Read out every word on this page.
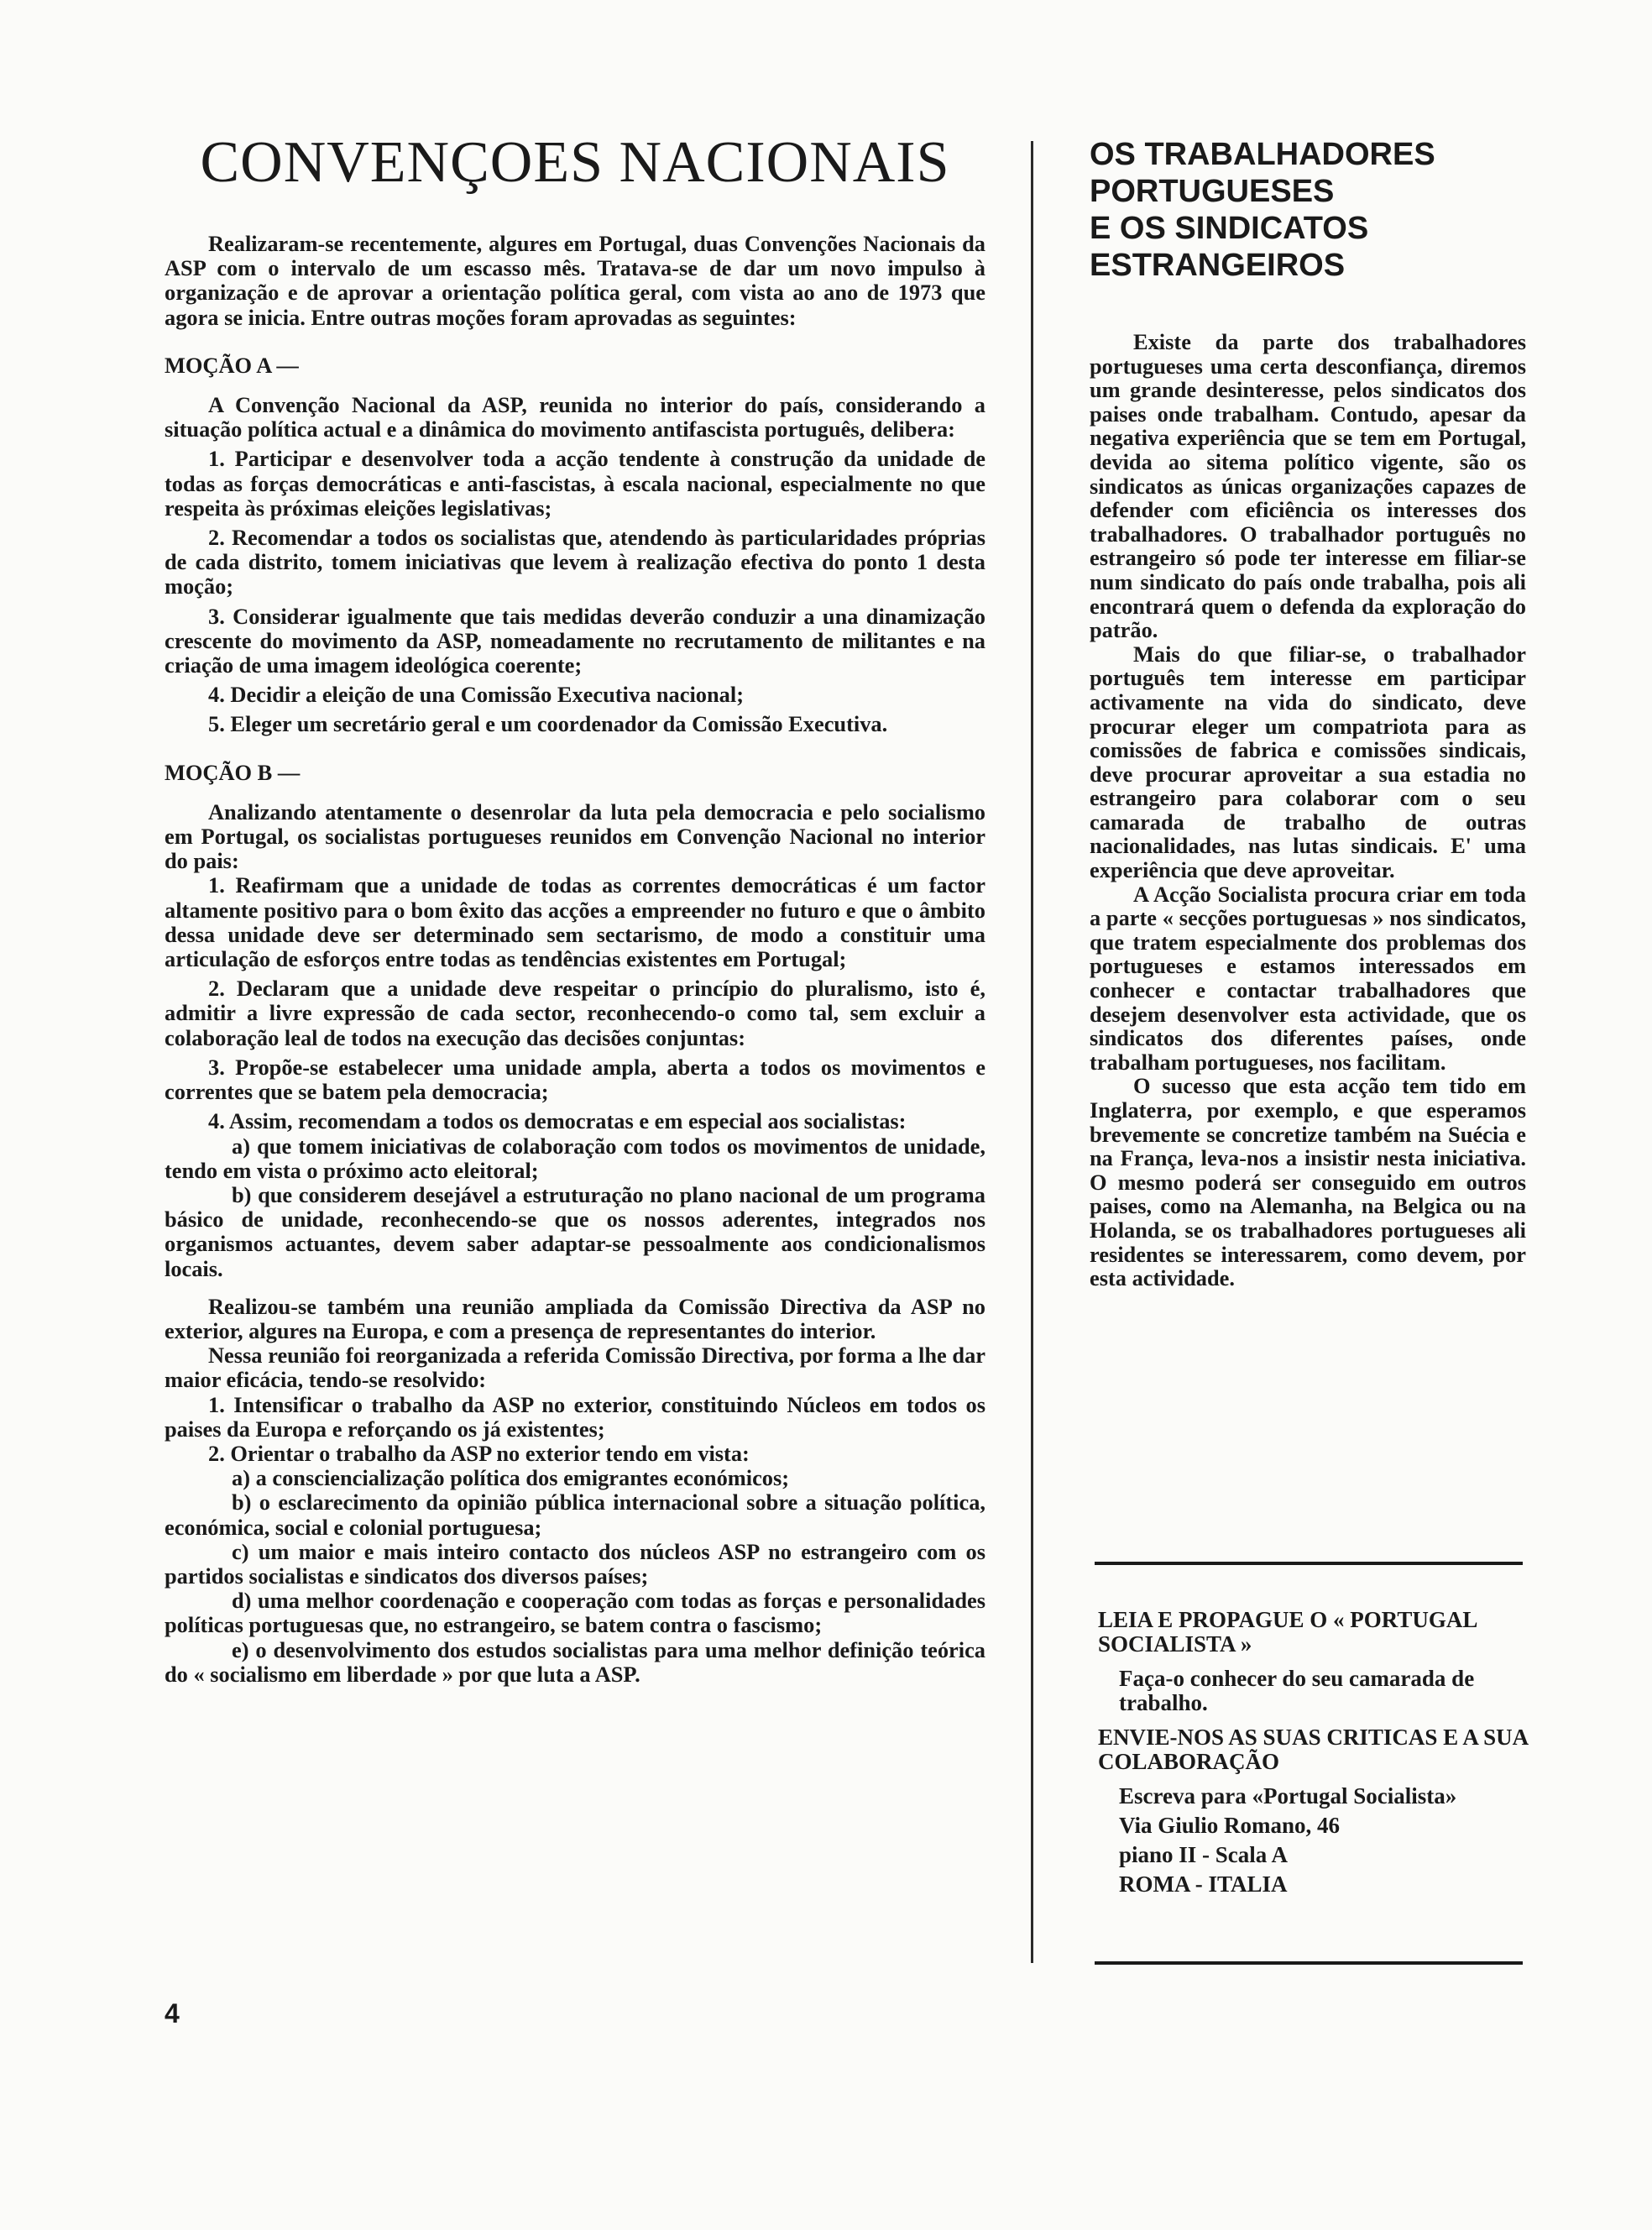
CONVENÇOES NACIONAIS

Realizaram-se recentemente, algures em Portugal, duas Convenções Nacionais da ASP com o intervalo de um escasso mês. Tratava-se de dar um novo impulso à organização e de aprovar a orientação política geral, com vista ao ano de 1973 que agora se inicia. Entre outras moções foram aprovadas as seguintes:

MOÇÃO A —

A Convenção Nacional da ASP, reunida no interior do país, considerando a situação política actual e a dinâmica do movimento antifascista português, delibera:

1. Participar e desenvolver toda a acção tendente à construção da unidade de todas as forças democráticas e anti-fascistas, à escala nacional, especialmente no que respeita às próximas eleições legislativas;

2. Recomendar a todos os socialistas que, atendendo às particularidades próprias de cada distrito, tomem iniciativas que levem à realização efectiva do ponto 1 desta moção;

3. Considerar igualmente que tais medidas deverão conduzir a una dinamização crescente do movimento da ASP, nomeadamente no recrutamento de militantes e na criação de uma imagem ideológica coerente;

4. Decidir a eleição de una Comissão Executiva nacional;

5. Eleger um secretário geral e um coordenador da Comissão Executiva.

MOÇÃO B —

Analizando atentamente o desenrolar da luta pela democracia e pelo socialismo em Portugal, os socialistas portugueses reunidos em Convenção Nacional no interior do pais:

1. Reafirmam que a unidade de todas as correntes democráticas é um factor altamente positivo para o bom êxito das acções a empreender no futuro e que o âmbito dessa unidade deve ser determinado sem sectarismo, de modo a constituir uma articulação de esforços entre todas as tendências existentes em Portugal;

2. Declaram que a unidade deve respeitar o princípio do pluralismo, isto é, admitir a livre expressão de cada sector, reconhecendo-o como tal, sem excluir a colaboração leal de todos na execução das decisões conjuntas:

3. Propõe-se estabelecer uma unidade ampla, aberta a todos os movimentos e correntes que se batem pela democracia;

4. Assim, recomendam a todos os democratas e em especial aos socialistas:

a) que tomem iniciativas de colaboração com todos os movimentos de unidade, tendo em vista o próximo acto eleitoral;

b) que considerem desejável a estruturação no plano nacional de um programa básico de unidade, reconhecendo-se que os nossos aderentes, integrados nos organismos actuantes, devem saber adaptar-se pessoalmente aos condicionalismos locais.

Realizou-se também una reunião ampliada da Comissão Directiva da ASP no exterior, algures na Europa, e com a presença de representantes do interior.

Nessa reunião foi reorganizada a referida Comissão Directiva, por forma a lhe dar maior eficácia, tendo-se resolvido:

1. Intensificar o trabalho da ASP no exterior, constituindo Núcleos em todos os paises da Europa e reforçando os já existentes;

2. Orientar o trabalho da ASP no exterior tendo em vista:

a) a consciencialização política dos emigrantes económicos;

b) o esclarecimento da opinião pública internacional sobre a situação política, económica, social e colonial portuguesa;

c) um maior e mais inteiro contacto dos núcleos ASP no estrangeiro com os partidos socialistas e sindicatos dos diversos países;

d) uma melhor coordenação e cooperação com todas as forças e personalidades políticas portuguesas que, no estrangeiro, se batem contra o fascismo;

e) o desenvolvimento dos estudos socialistas para uma melhor definição teórica do « socialismo em liberdade » por que luta a ASP.

OS TRABALHADORES
PORTUGUESES
E OS SINDICATOS
ESTRANGEIROS

Existe da parte dos trabalhadores portugueses uma certa desconfiança, diremos um grande desinteresse, pelos sindicatos dos paises onde trabalham. Contudo, apesar da negativa experiência que se tem em Portugal, devida ao sitema político vigente, são os sindicatos as únicas organizações capazes de defender com eficiência os interesses dos trabalhadores. O trabalhador português no estrangeiro só pode ter interesse em filiar-se num sindicato do país onde trabalha, pois ali encontrará quem o defenda da exploração do patrão.

Mais do que filiar-se, o trabalhador português tem interesse em participar activamente na vida do sindicato, deve procurar eleger um compatriota para as comissões de fabrica e comissões sindicais, deve procurar aproveitar a sua estadia no estrangeiro para colaborar com o seu camarada de trabalho de outras nacionalidades, nas lutas sindicais. E' uma experiência que deve aproveitar.

A Acção Socialista procura criar em toda a parte « secções portuguesas » nos sindicatos, que tratem especialmente dos problemas dos portugueses e estamos interessados em conhecer e contactar trabalhadores que desejem desenvolver esta actividade, que os sindicatos dos diferentes países, onde trabalham portugueses, nos facilitam.

O sucesso que esta acção tem tido em Inglaterra, por exemplo, e que esperamos brevemente se concretize também na Suécia e na França, leva-nos a insistir nesta iniciativa. O mesmo poderá ser conseguido em outros paises, como na Alemanha, na Belgica ou na Holanda, se os trabalhadores portugueses ali residentes se interessarem, como devem, por esta actividade.

LEIA E PROPAGUE O « PORTUGAL SOCIALISTA »

Faça-o conhecer do seu camarada de trabalho.

ENVIE-NOS AS SUAS CRITICAS E A SUA COLABORAÇÃO

Escreva para «Portugal Socialista»

Via Giulio Romano, 46

piano II - Scala A

ROMA - ITALIA

4
